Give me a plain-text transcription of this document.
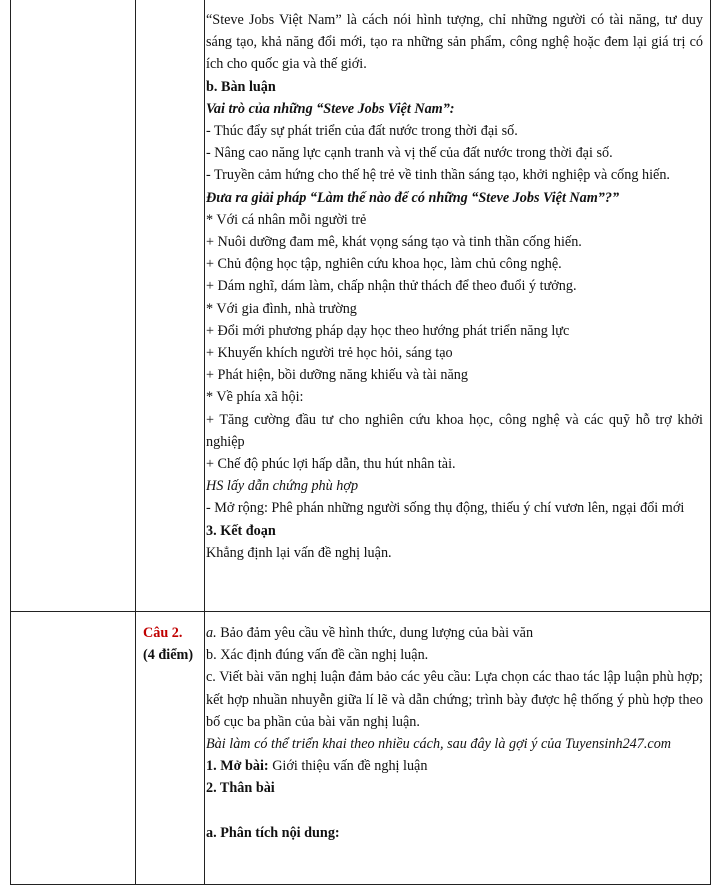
“Steve Jobs Việt Nam” là cách nói hình tượng, chỉ những người có tài năng, tư duy sáng tạo, khả năng đổi mới, tạo ra những sản phẩm, công nghệ hoặc đem lại giá trị có ích cho quốc gia và thế giới.

b. Bàn luận

Vai trò của những “Steve Jobs Việt Nam”:

- Thúc đẩy sự phát triển của đất nước trong thời đại số.

- Nâng cao năng lực cạnh tranh và vị thế của đất nước trong thời đại số.

- Truyền cảm hứng cho thế hệ trẻ về tinh thần sáng tạo, khởi nghiệp và cống hiến.

Đưa ra giải pháp “Làm thế nào để có những “Steve Jobs Việt Nam”?”

* Với cá nhân mỗi người trẻ

+ Nuôi dưỡng đam mê, khát vọng sáng tạo và tinh thần cống hiến.

+ Chủ động học tập, nghiên cứu khoa học, làm chủ công nghệ.

+ Dám nghĩ, dám làm, chấp nhận thử thách để theo đuổi ý tưởng.

* Với gia đình, nhà trường

+ Đổi mới phương pháp dạy học theo hướng phát triển năng lực

+ Khuyến khích người trẻ học hỏi, sáng tạo

+ Phát hiện, bồi dưỡng năng khiếu và tài năng

* Về phía xã hội:

+ Tăng cường đầu tư cho nghiên cứu khoa học, công nghệ và các quỹ hỗ trợ khởi nghiệp

+ Chế độ phúc lợi hấp dẫn, thu hút nhân tài.

HS lấy dẫn chứng phù hợp

- Mở rộng: Phê phán những người sống thụ động, thiếu ý chí vươn lên, ngại đổi mới

3. Kết đoạn

Khẳng định lại vấn đề nghị luận.

Câu 2.
(4 điểm)

a. Bảo đảm yêu cầu về hình thức, dung lượng của bài văn

b. Xác định đúng vấn đề cần nghị luận.

c. Viết bài văn nghị luận đảm bảo các yêu cầu: Lựa chọn các thao tác lập luận phù hợp; kết hợp nhuần nhuyễn giữa lí lẽ và dẫn chứng; trình bày được hệ thống ý phù hợp theo bố cục ba phần của bài văn nghị luận.

Bài làm có thể triển khai theo nhiều cách, sau đây là gợi ý của Tuyensinh247.com

1. Mở bài: Giới thiệu vấn đề nghị luận

2. Thân bài

a. Phân tích nội dung:
